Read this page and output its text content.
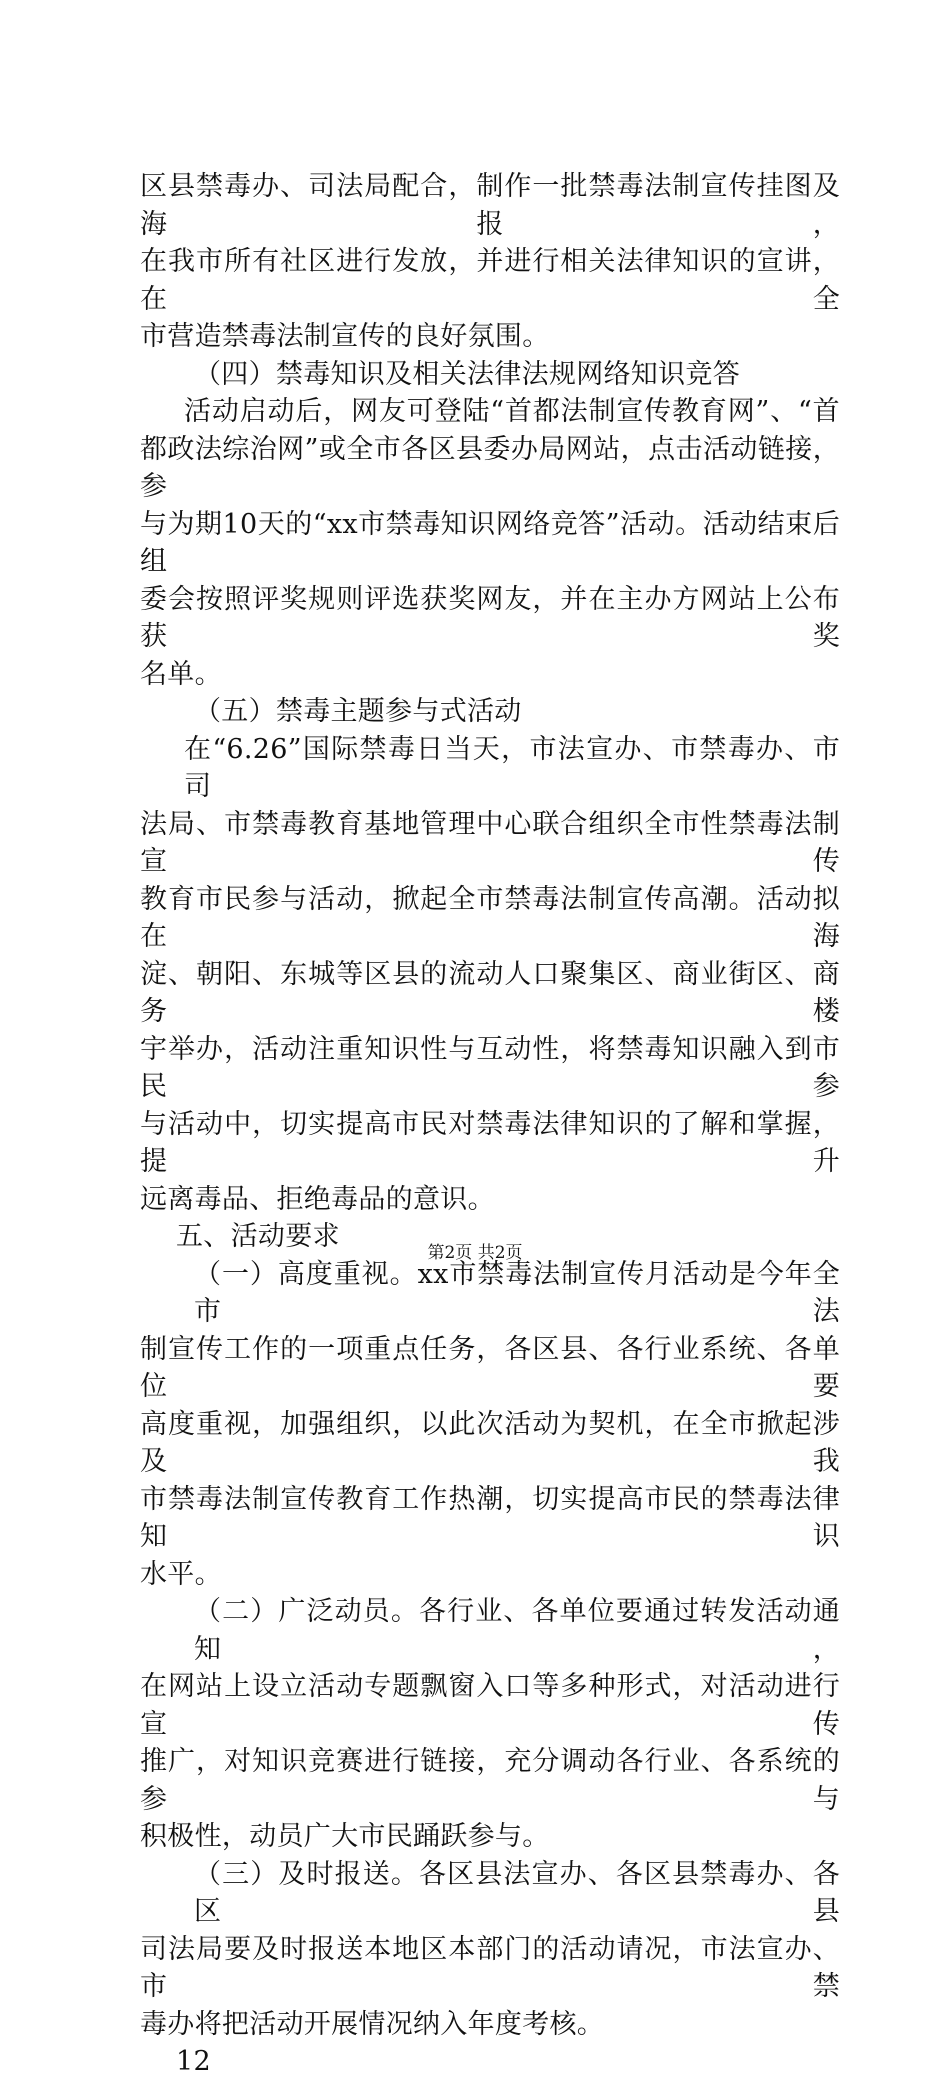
区县禁毒办、司法局配合，制作一批禁毒法制宣传挂图及海报，

在我市所有社区进行发放，并进行相关法律知识的宣讲，在全

市营造禁毒法制宣传的良好氛围。

（四）禁毒知识及相关法律法规网络知识竞答

活动启动后，网友可登陆“首都法制宣传教育网”、“首

都政法综治网”或全市各区县委办局网站，点击活动链接，参

与为期10天的“xx市禁毒知识网络竞答”活动。活动结束后组

委会按照评奖规则评选获奖网友，并在主办方网站上公布获奖

名单。

（五）禁毒主题参与式活动

在“6.26”国际禁毒日当天，市法宣办、市禁毒办、市司

法局、市禁毒教育基地管理中心联合组织全市性禁毒法制宣传

教育市民参与活动，掀起全市禁毒法制宣传高潮。活动拟在海

淀、朝阳、东城等区县的流动人口聚集区、商业街区、商务楼

宇举办，活动注重知识性与互动性，将禁毒知识融入到市民参

与活动中，切实提高市民对禁毒法律知识的了解和掌握，提升

远离毒品、拒绝毒品的意识。

五、活动要求

（一）高度重视。xx市禁毒法制宣传月活动是今年全市法

制宣传工作的一项重点任务，各区县、各行业系统、各单位要

高度重视，加强组织，以此次活动为契机，在全市掀起涉及我

市禁毒法制宣传教育工作热潮，切实提高市民的禁毒法律知识

水平。

（二）广泛动员。各行业、各单位要通过转发活动通知，

在网站上设立活动专题飘窗入口等多种形式，对活动进行宣传

推广，对知识竞赛进行链接，充分调动各行业、各系统的参与

积极性，动员广大市民踊跃参与。

（三）及时报送。各区县法宣办、各区县禁毒办、各区县

司法局要及时报送本地区本部门的活动请况，市法宣办、市禁

毒办将把活动开展情况纳入年度考核。

12

第2页 共2页
